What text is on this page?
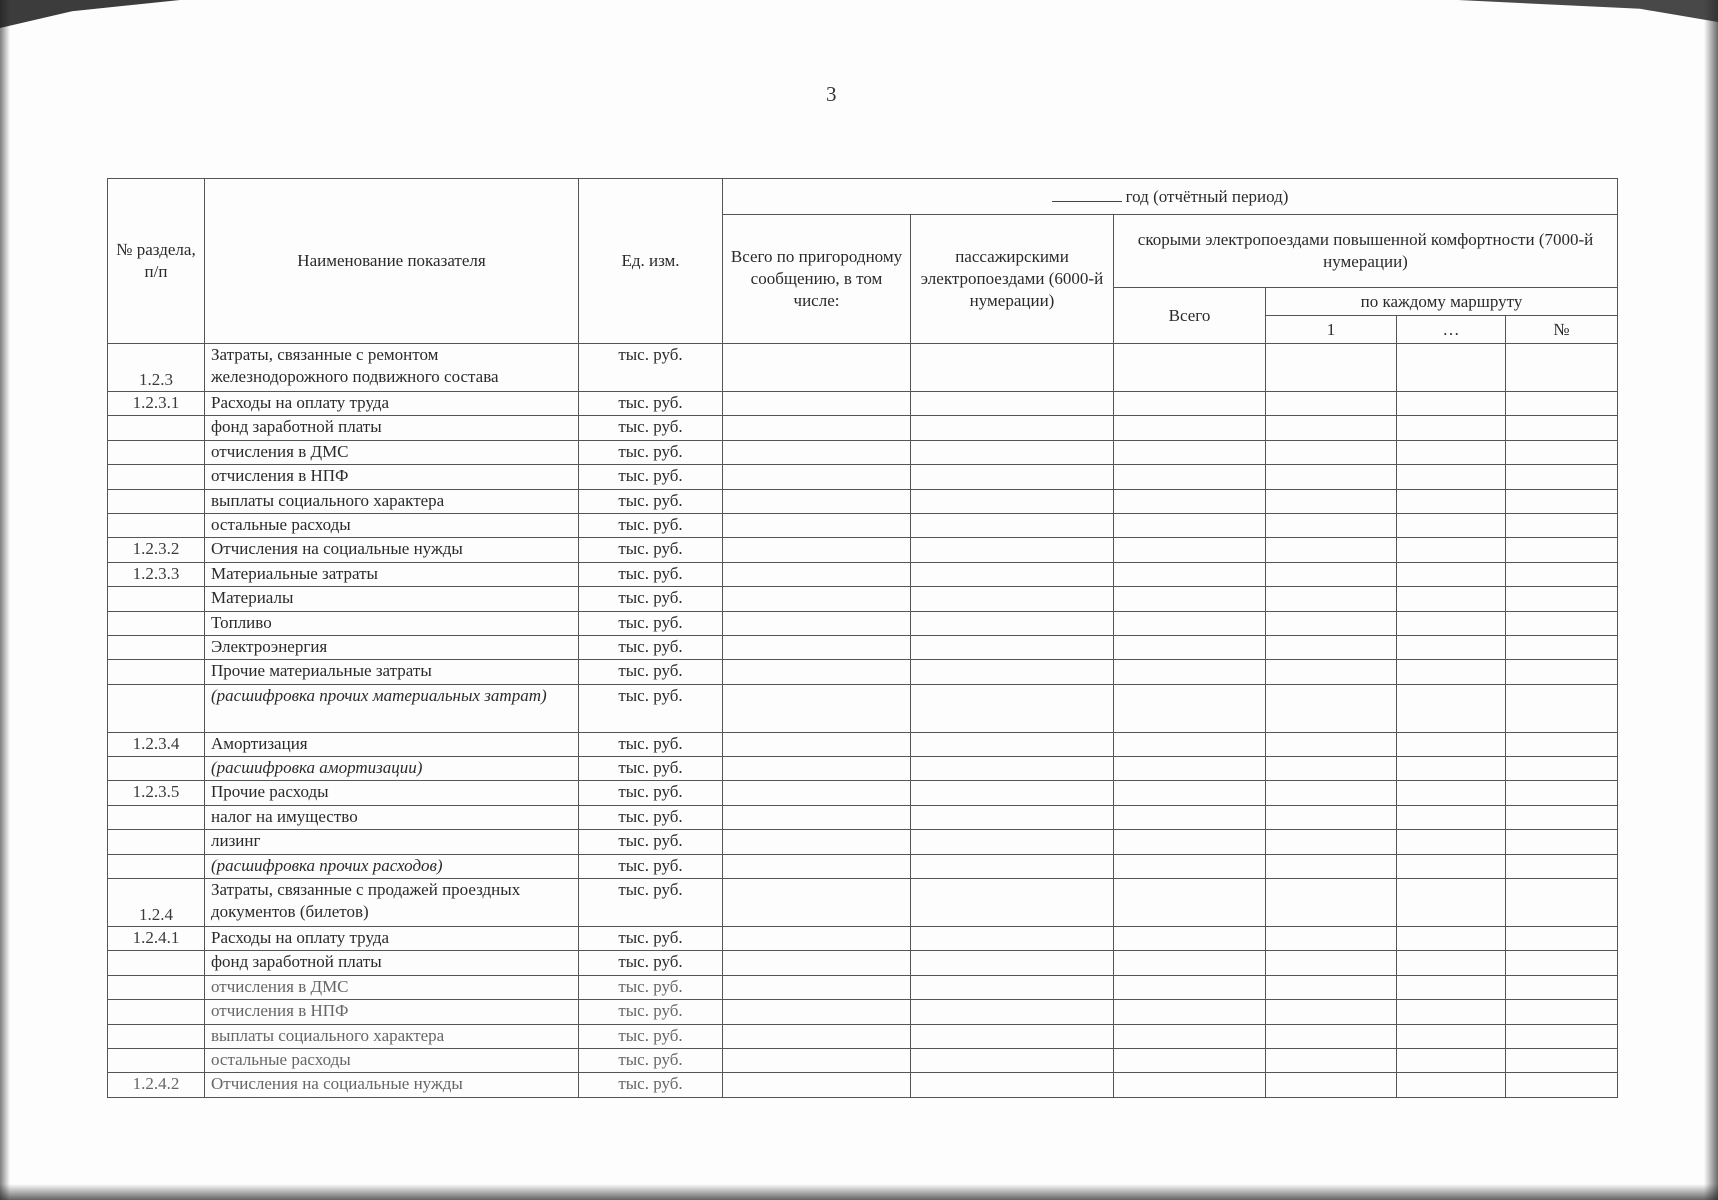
3
№ раздела, п/п	Наименование показателя	Ед. изм.	год (отчётный период)					
			Всего по пригородному сообщению, в том числе:	пассажирскими электропоездами (6000-й нумерации)	скорыми электропоездами повышенной комфортности (7000-й нумерации)			
					Всего	по каждому маршруту		
						1	…	№
1.2.3	Затраты, связанные с ремонтом железнодорожного подвижного состава	тыс. руб.						
1.2.3.1	Расходы на оплату труда	тыс. руб.						
	фонд заработной платы	тыс. руб.						
	отчисления в ДМС	тыс. руб.						
	отчисления в НПФ	тыс. руб.						
	выплаты социального характера	тыс. руб.						
	остальные расходы	тыс. руб.						
1.2.3.2	Отчисления на социальные нужды	тыс. руб.						
1.2.3.3	Материальные затраты	тыс. руб.						
	Материалы	тыс. руб.						
	Топливо	тыс. руб.						
	Электроэнергия	тыс. руб.						
	Прочие материальные затраты	тыс. руб.						
	(расшифровка прочих материальных затрат)	тыс. руб.						
1.2.3.4	Амортизация	тыс. руб.						
	(расшифровка амортизации)	тыс. руб.						
1.2.3.5	Прочие расходы	тыс. руб.						
	налог на имущество	тыс. руб.						
	лизинг	тыс. руб.						
	(расшифровка прочих расходов)	тыс. руб.						
1.2.4	Затраты, связанные с продажей проездных документов (билетов)	тыс. руб.						
1.2.4.1	Расходы на оплату труда	тыс. руб.						
	фонд заработной платы	тыс. руб.						
	отчисления в ДМС	тыс. руб.						
	отчисления в НПФ	тыс. руб.						
	выплаты социального характера	тыс. руб.						
	остальные расходы	тыс. руб.						
1.2.4.2	Отчисления на социальные нужды	тыс. руб.						
